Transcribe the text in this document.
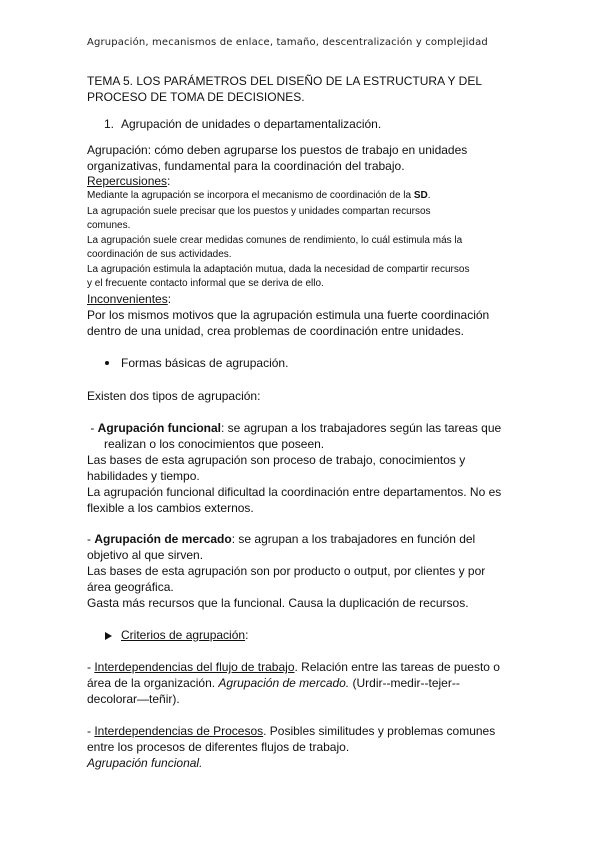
Agrupación, mecanismos de enlace, tamaño, descentralización y complejidad
TEMA 5. LOS PARÁMETROS DEL DISEÑO DE LA ESTRUCTURA Y DEL
PROCESO DE TOMA DE DECISIONES.
1. Agrupación de unidades o departamentalización.
Agrupación: cómo deben agruparse los puestos de trabajo en unidades
organizativas, fundamental para la coordinación del trabajo.
Repercusiones:
Mediante la agrupación se incorpora el mecanismo de coordinación de la SD.
La agrupación suele precisar que los puestos y unidades compartan recursos
comunes.
La agrupación suele crear medidas comunes de rendimiento, lo cuál estimula más la
coordinación de sus actividades.
La agrupación estimula la adaptación mutua, dada la necesidad de compartir recursos
y el frecuente contacto informal que se deriva de ello.
Inconvenientes:
Por los mismos motivos que la agrupación estimula una fuerte coordinación
dentro de una unidad, crea problemas de coordinación entre unidades.
Formas básicas de agrupación.
Existen dos tipos de agrupación:
- Agrupación funcional: se agrupan a los trabajadores según las tareas que
realizan o los conocimientos que poseen.
Las bases de esta agrupación son proceso de trabajo, conocimientos y
habilidades y tiempo.
La agrupación funcional dificultad la coordinación entre departamentos. No es
flexible a los cambios externos.
- Agrupación de mercado: se agrupan a los trabajadores en función del
objetivo al que sirven.
Las bases de esta agrupación son por producto o output, por clientes y por
área geográfica.
Gasta más recursos que la funcional. Causa la duplicación de recursos.
Criterios de agrupación:
- Interdependencias del flujo de trabajo. Relación entre las tareas de puesto o
área de la organización. Agrupación de mercado. (Urdir--medir--tejer--
decolorar—teñir).
- Interdependencias de Procesos. Posibles similitudes y problemas comunes
entre los procesos de diferentes flujos de trabajo.
Agrupación funcional.
